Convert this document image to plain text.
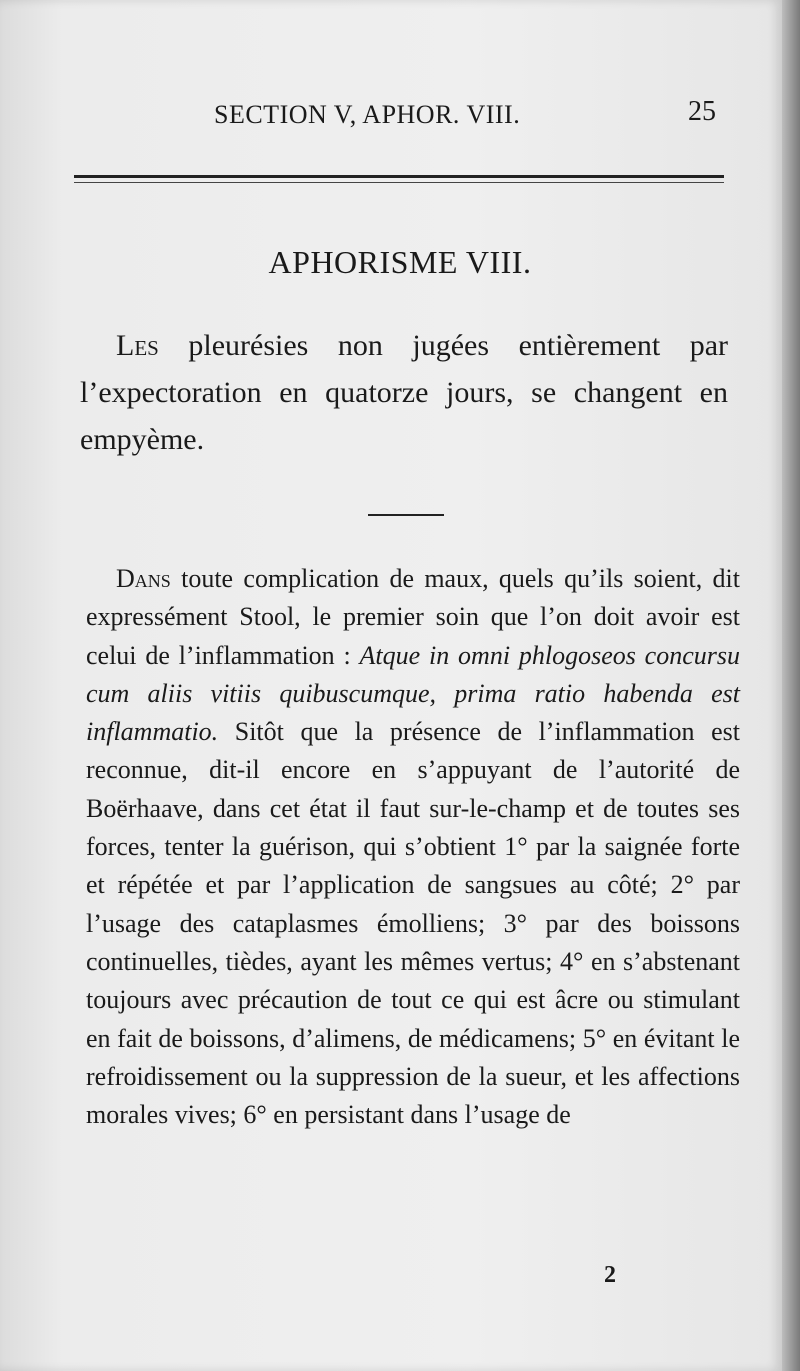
SECTION V, APHOR. VIII.	25
APHORISME VIII.

Les pleurésies non jugées entièrement par l’expectoration en quatorze jours, se changent en empyème.

Dans toute complication de maux, quels qu’ils soient, dit expressément Stool, le premier soin que l’on doit avoir est celui de l’inflammation : Atque in omni phlogoseos concursu cum aliis vitiis quibuscumque, prima ratio habenda est inflammatio. Sitôt que la présence de l’inflammation est reconnue, dit-il encore en s’appuyant de l’autorité de Boërhaave, dans cet état il faut sur-le-champ et de toutes ses forces, tenter la guérison, qui s’obtient 1° par la saignée forte et répétée et par l’application de sangsues au côté; 2° par l’usage des cataplasmes émolliens; 3° par des boissons continuelles, tièdes, ayant les mêmes vertus; 4° en s’abstenant toujours avec précaution de tout ce qui est âcre ou stimulant en fait de boissons, d’alimens, de médicamens; 5° en évitant le refroidissement ou la suppression de la sueur, et les affections morales vives; 6° en persistant dans l’usage de

2
